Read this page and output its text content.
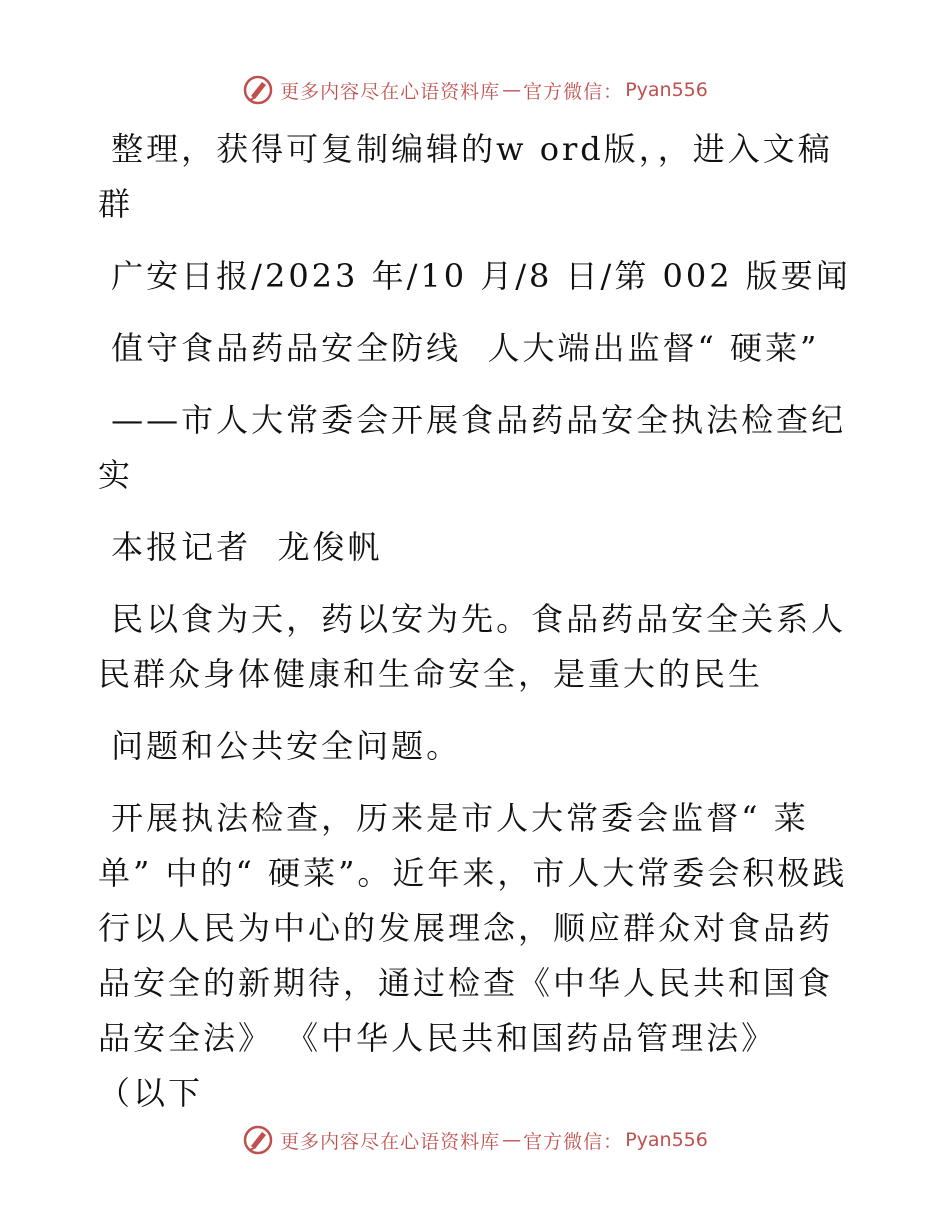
更多内容尽在心语资料库 — 官方微信： Pyan556

整理，获得可复制编辑的w ord版，，进入文稿群

广安日报/2023 年/10 月/8 日/第 002 版要闻

值守食品药品安全防线  人大端出监督“ 硬菜”

——市人大常委会开展食品药品安全执法检查纪实

本报记者  龙俊帆

民以食为天，药以安为先。食品药品安全关系人民群众身体健康和生命安全，是重大的民生

问题和公共安全问题。

开展执法检查，历来是市人大常委会监督“ 菜单” 中的“ 硬菜”。近年来，市人大常委会积极践行以人民为中心的发展理念，顺应群众对食品药品安全的新期待，通过检查《中华人民共和国食品安全法》 《中华人民共和国药品管理法》 （以下

更多内容尽在心语资料库 — 官方微信： Pyan556
